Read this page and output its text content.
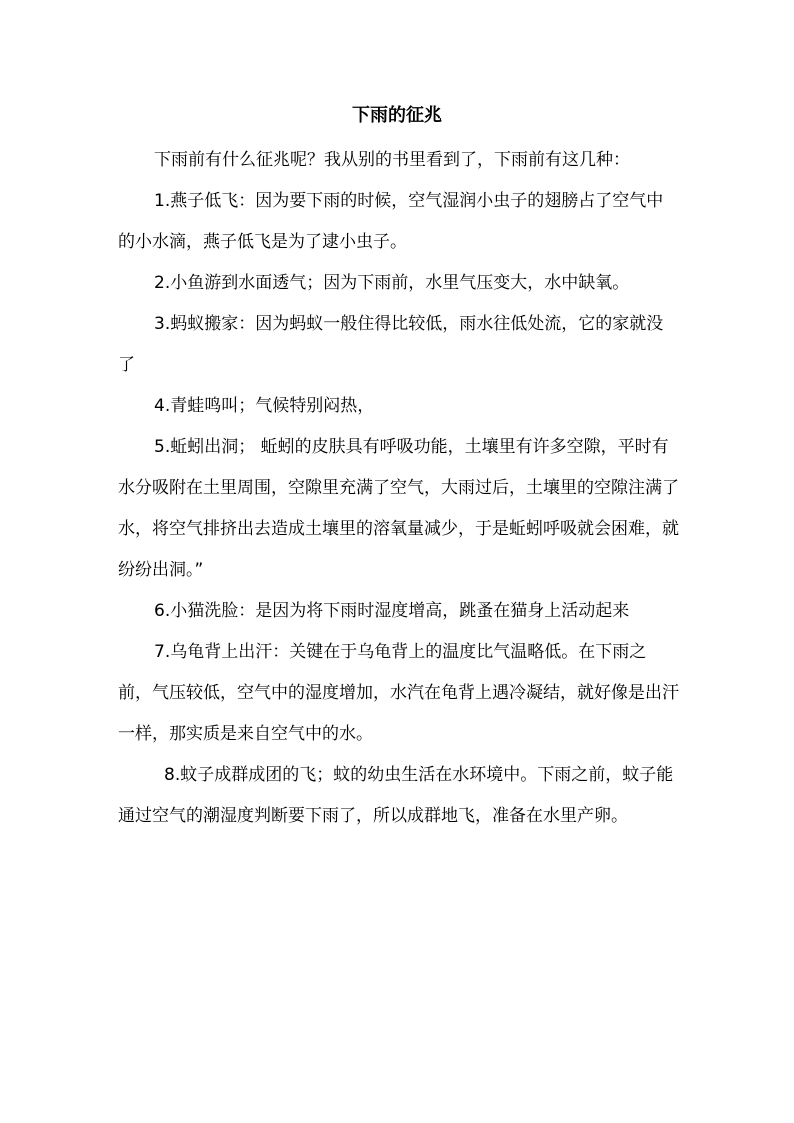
下雨的征兆

下雨前有什么征兆呢？我从别的书里看到了，下雨前有这几种：

1.燕子低飞：因为要下雨的时候，空气湿润小虫子的翅膀占了空气中的小水滴，燕子低飞是为了逮小虫子。

2.小鱼游到水面透气；因为下雨前，水里气压变大，水中缺氧。

3.蚂蚁搬家：因为蚂蚁一般住得比较低，雨水往低处流，它的家就没了

4.青蛙鸣叫；气候特别闷热，

5.蚯蚓出洞； 蚯蚓的皮肤具有呼吸功能，土壤里有许多空隙，平时有水分吸附在土里周围，空隙里充满了空气，大雨过后，土壤里的空隙注满了水，将空气排挤出去造成土壤里的溶氧量减少，于是蚯蚓呼吸就会困难，就纷纷出洞。”

6.小猫洗脸：是因为将下雨时湿度增高，跳蚤在猫身上活动起来

7.乌龟背上出汗：关键在于乌龟背上的温度比气温略低。在下雨之前，气压较低，空气中的湿度增加，水汽在龟背上遇冷凝结，就好像是出汗一样，那实质是来自空气中的水。

8.蚊子成群成团的飞；蚊的幼虫生活在水环境中。下雨之前，蚊子能通过空气的潮湿度判断要下雨了，所以成群地飞，准备在水里产卵。
